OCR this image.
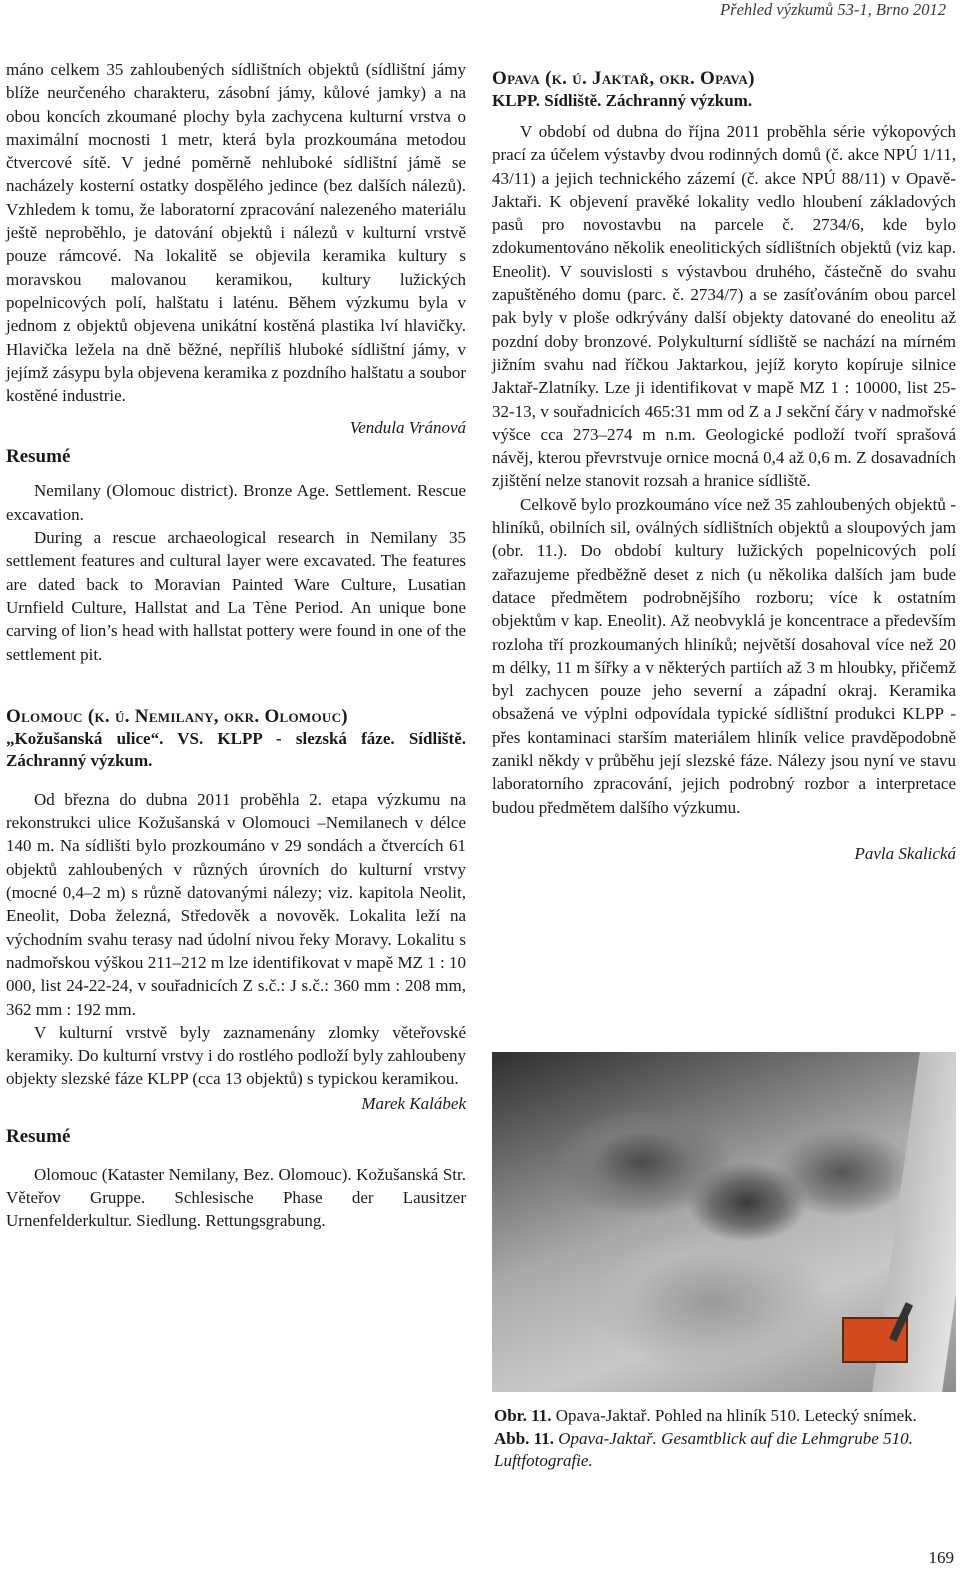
Přehled výzkumů 53-1, Brno 2012

máno celkem 35 zahloubených sídlištních objektů (sídlištní jámy blíže neurčeného charakteru, zásobní jámy, kůlové jamky) a na obou koncích zkoumané plochy byla zachycena kulturní vrstva o maximální mocnosti 1 metr, která byla prozkoumána metodou čtvercové sítě. V jedné poměrně nehluboké sídlištní jámě se nacházely kosterní ostatky dospělého jedince (bez dalších nálezů). Vzhledem k tomu, že laboratorní zpracování nalezeného materiálu ještě neproběhlo, je datování objektů i nálezů v kulturní vrstvě pouze rámcové. Na lokalitě se objevila keramika kultury s moravskou malovanou keramikou, kultury lužických popelnicových polí, halštatu i laténu. Během výzkumu byla v jednom z objektů objevena unikátní kostěná plastika lví hlavičky. Hlavička ležela na dně běžné, nepříliš hluboké sídlištní jámy, v jejímž zásypu byla objevena keramika z pozdního halštatu a soubor kostěné industrie.

Vendula Vránová
Resumé

Nemilany (Olomouc district). Bronze Age. Settlement. Rescue excavation.

During a rescue archaeological research in Nemilany 35 settlement features and cultural layer were excavated. The features are dated back to Moravian Painted Ware Culture, Lusatian Urnfield Culture, Hallstat and La Tène Period. An unique bone carving of lion’s head with hallstat pottery were found in one of the settlement pit.

Olomouc (k. ú. Nemilany, okr. Olomouc)

„Kožušanská ulice“. VS. KLPP - slezská fáze. Sídliště. Záchranný výzkum.

Od března do dubna 2011 proběhla 2. etapa výzkumu na rekonstrukci ulice Kožušanská v Olomouci –Nemilanech v délce 140 m. Na sídlišti bylo prozkoumáno v 29 sondách a čtvercích 61 objektů zahloubených v různých úrovních do kulturní vrstvy (mocné 0,4–2 m) s různě datovanými nálezy; viz. kapitola Neolit, Eneolit, Doba železná, Středověk a novověk. Lokalita leží na východním svahu terasy nad údolní nivou řeky Moravy. Lokalitu s nadmořskou výškou 211–212 m lze identifikovat v mapě MZ 1 : 10 000, list 24-22-24, v souřadnicích Z s.č.: J s.č.: 360 mm : 208 mm, 362 mm : 192 mm.

V kulturní vrstvě byly zaznamenány zlomky věteřovské keramiky. Do kulturní vrstvy i do rostlého podloží byly zahloubeny objekty slezské fáze KLPP (cca 13 objektů) s typickou keramikou.

Marek Kalábek
Resumé

Olomouc (Kataster Nemilany, Bez. Olomouc). Kožušanská Str. Věteřov Gruppe. Schlesische Phase der Lausitzer Urnenfelderkultur. Siedlung. Rettungsgrabung.

Opava (k. ú. Jaktař, okr. Opava)

KLPP. Sídliště. Záchranný výzkum.

V období od dubna do října 2011 proběhla série výkopových prací za účelem výstavby dvou rodinných domů (č. akce NPÚ 1/11, 43/11) a jejich technického zázemí (č. akce NPÚ 88/11) v Opavě-Jaktaři. K objevení pravěké lokality vedlo hloubení základových pasů pro novostavbu na parcele č. 2734/6, kde bylo zdokumentováno několik eneolitických sídlištních objektů (viz kap. Eneolit). V souvislosti s výstavbou druhého, částečně do svahu zapuštěného domu (parc. č. 2734/7) a se zasíťováním obou parcel pak byly v ploše odkrývány další objekty datované do eneolitu až pozdní doby bronzové. Polykulturní sídliště se nachází na mírném jižním svahu nad říčkou Jaktarkou, jejíž koryto kopíruje silnice Jaktař-Zlatníky. Lze ji identifikovat v mapě MZ 1 : 10000, list 25-32-13, v souřadnicích 465:31 mm od Z a J sekční čáry v nadmořské výšce cca 273–274 m n.m. Geologické podloží tvoří sprašová návěj, kterou převrstvuje ornice mocná 0,4 až 0,6 m. Z dosavadních zjištění nelze stanovit rozsah a hranice sídliště.

Celkově bylo prozkoumáno více než 35 zahloubených objektů - hliníků, obilních sil, oválných sídlištních objektů a sloupových jam (obr. 11.). Do období kultury lužických popelnicových polí zařazujeme předběžně deset z nich (u několika dalších jam bude datace předmětem podrobnějšího rozboru; více k ostatním objektům v kap. Eneolit). Až neobvyklá je koncentrace a především rozloha tří prozkoumaných hliníků; největší dosahoval více než 20 m délky, 11 m šířky a v některých partiích až 3 m hloubky, přičemž byl zachycen pouze jeho severní a západní okraj. Keramika obsažená ve výplni odpovídala typické sídlištní produkci KLPP - přes kontaminaci starším materiálem hliník velice pravděpodobně zanikl někdy v průběhu její slezské fáze. Nálezy jsou nyní ve stavu laboratorního zpracování, jejich podrobný rozbor a interpretace budou předmětem dalšího výzkumu.

Pavla Skalická

Obr. 11. Opava-Jaktař. Pohled na hliník 510. Letecký snímek.

Abb. 11. Opava-Jaktař. Gesamtblick auf die Lehmgrube 510. Luftfotografie.

169
